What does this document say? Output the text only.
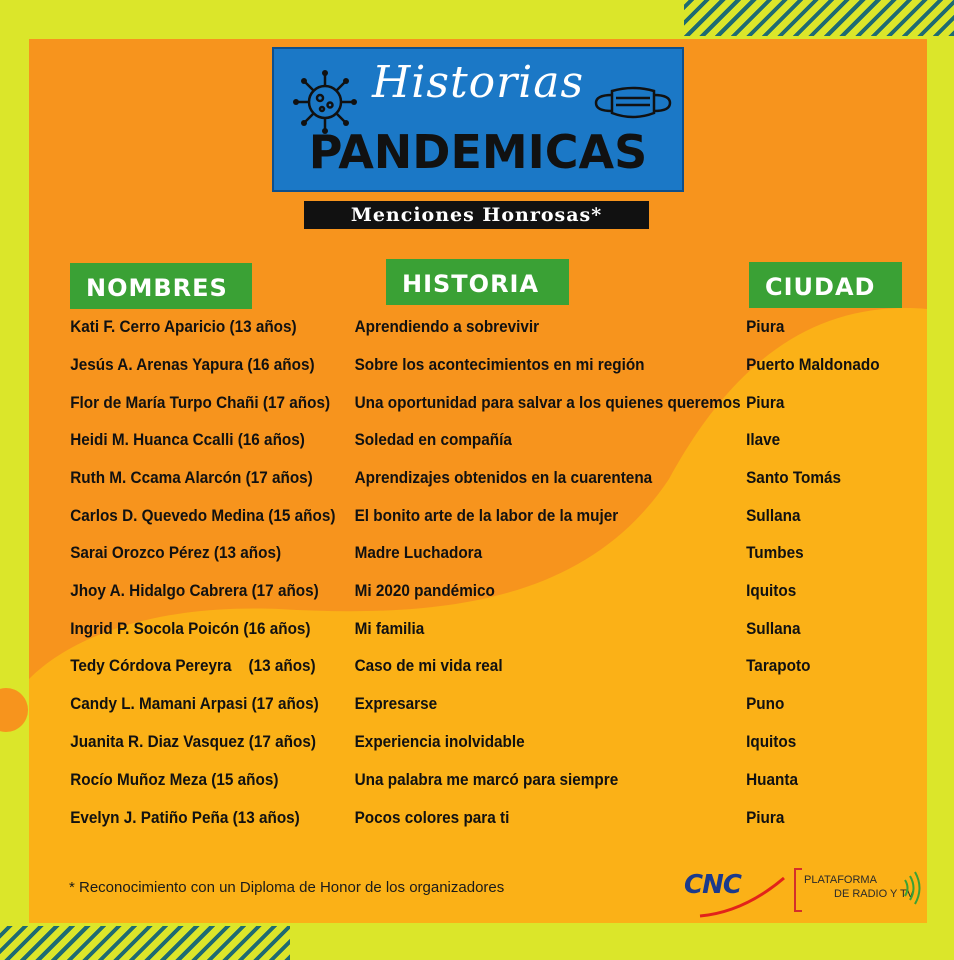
Historias
PANDEMICAS
Menciones Honrosas*
NOMBRES	HISTORIA	CIUDAD
Kati F. Cerro Aparicio (13 años)	Aprendiendo a sobrevivir	Piura
Jesús A. Arenas Yapura (16 años) Sobre los acontecimientos en mi región	Puerto Maldonado
Flor de María Turpo Chañi (17 años) Una oportunidad para salvar a los quienes queremos Piura
Heidi M. Huanca Ccalli (16 años)	Soledad en compañía	Ilave
Ruth M. Ccama Alarcón (17 años) Aprendizajes obtenidos en la cuarentena	Santo Tomás
Carlos D. Quevedo Medina (15 años) El bonito arte de la labor de la mujer	Sullana
Sarai Orozco Pérez (13 años)	Madre Luchadora	Tumbes
Jhoy A. Hidalgo Cabrera (17 años) Mi 2020 pandémico	Iquitos
Ingrid P. Socola Poicón (16 años)	Mi familia	Sullana
Tedy Córdova Pereyra    (13 años) Caso de mi vida real	Tarapoto
Candy L. Mamani Arpasi (17 años) Expresarse	Puno
Juanita R. Diaz Vasquez (17 años) Experiencia inolvidable	Iquitos
Rocío Muñoz Meza (15 años)	Una palabra me marcó para siempre	Huanta
Evelyn J. Patiño Peña (13 años)	Pocos colores para ti	Piura
* Reconocimiento con un Diploma de Honor de los organizadores	CNC	PLATAFORMA
DE RADIO Y TV
